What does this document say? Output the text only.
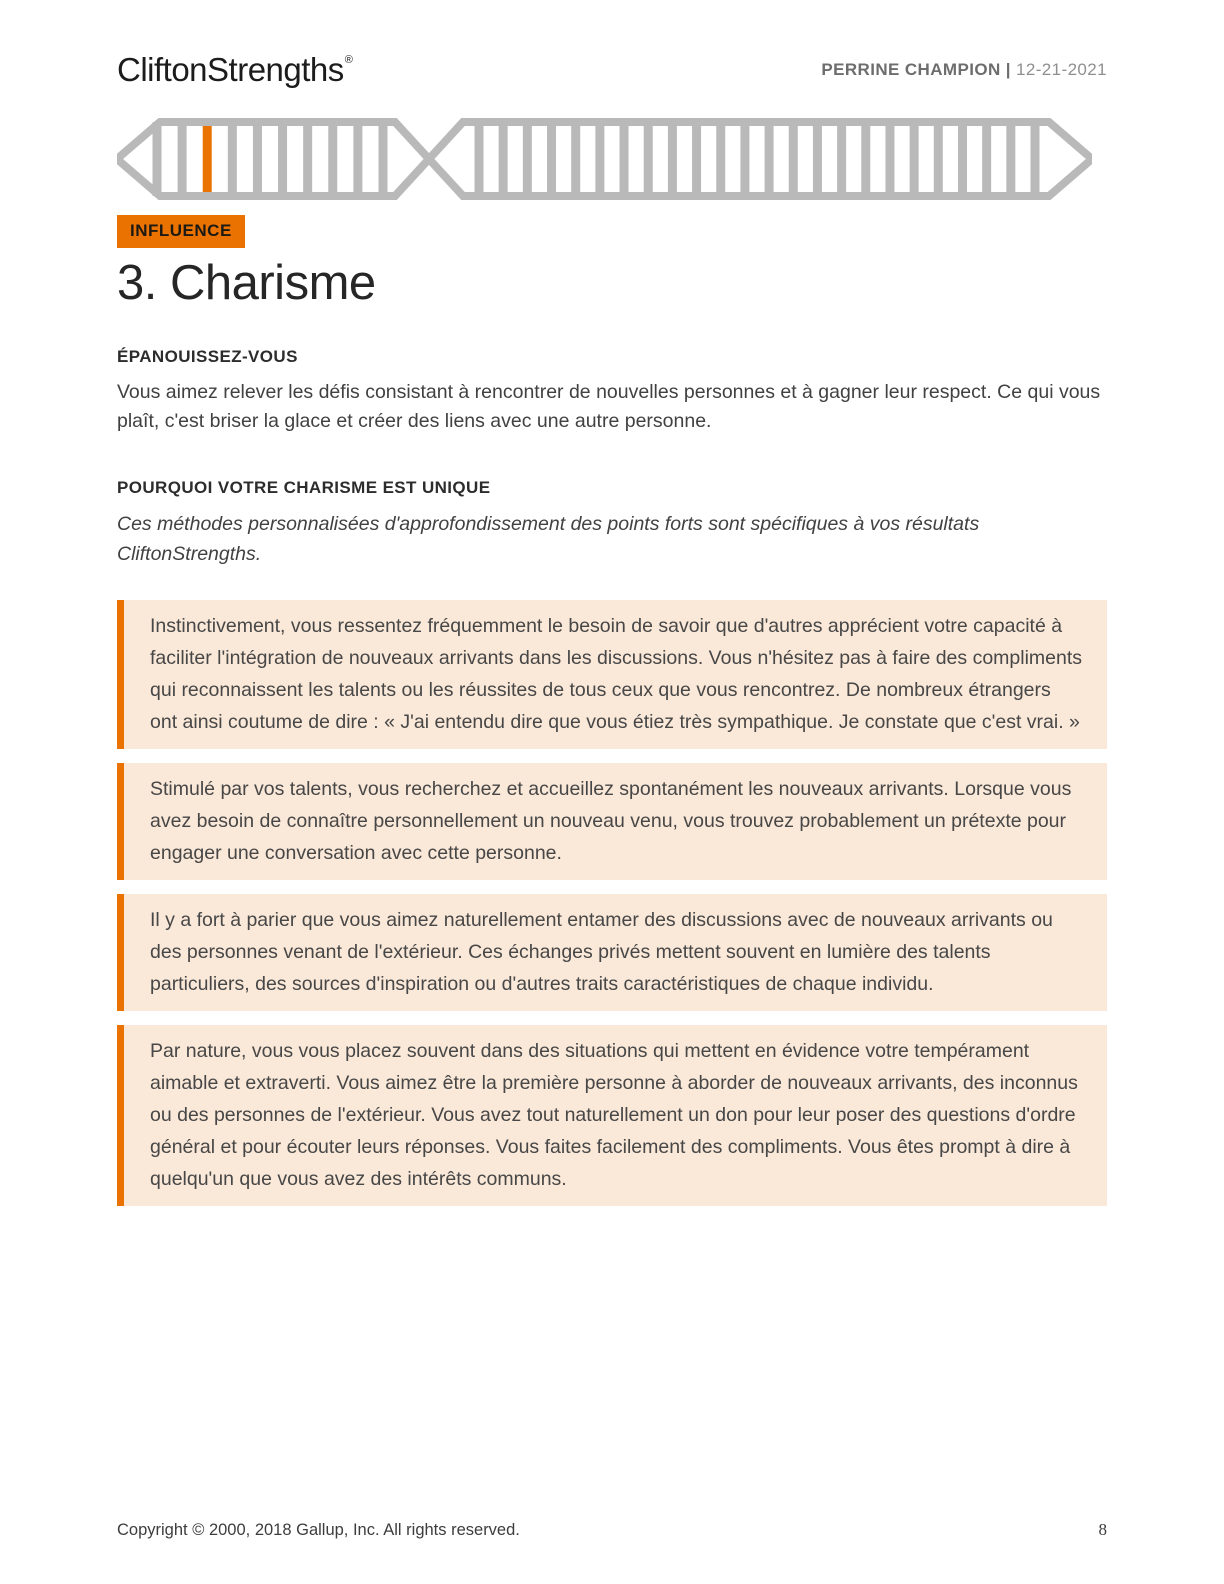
CliftonStrengths®	PERRINE CHAMPION | 12-21-2021
INFLUENCE
3. Charisme
ÉPANOUISSEZ-VOUS

Vous aimez relever les défis consistant à rencontrer de nouvelles personnes et à gagner leur respect. Ce qui vous plaît, c'est briser la glace et créer des liens avec une autre personne.

POURQUOI VOTRE CHARISME EST UNIQUE

Ces méthodes personnalisées d'approfondissement des points forts sont spécifiques à vos résultats CliftonStrengths.

Instinctivement, vous ressentez fréquemment le besoin de savoir que d'autres apprécient votre capacité à faciliter l'intégration de nouveaux arrivants dans les discussions. Vous n'hésitez pas à faire des compliments qui reconnaissent les talents ou les réussites de tous ceux que vous rencontrez. De nombreux étrangers ont ainsi coutume de dire : « J'ai entendu dire que vous étiez très sympathique. Je constate que c'est vrai. »

Stimulé par vos talents, vous recherchez et accueillez spontanément les nouveaux arrivants. Lorsque vous avez besoin de connaître personnellement un nouveau venu, vous trouvez probablement un prétexte pour engager une conversation avec cette personne.

Il y a fort à parier que vous aimez naturellement entamer des discussions avec de nouveaux arrivants ou des personnes venant de l'extérieur. Ces échanges privés mettent souvent en lumière des talents particuliers, des sources d'inspiration ou d'autres traits caractéristiques de chaque individu.

Par nature, vous vous placez souvent dans des situations qui mettent en évidence votre tempérament aimable et extraverti. Vous aimez être la première personne à aborder de nouveaux arrivants, des inconnus ou des personnes de l'extérieur. Vous avez tout naturellement un don pour leur poser des questions d'ordre général et pour écouter leurs réponses. Vous faites facilement des compliments. Vous êtes prompt à dire à quelqu'un que vous avez des intérêts communs.

Copyright © 2000, 2018 Gallup, Inc. All rights reserved.	8
